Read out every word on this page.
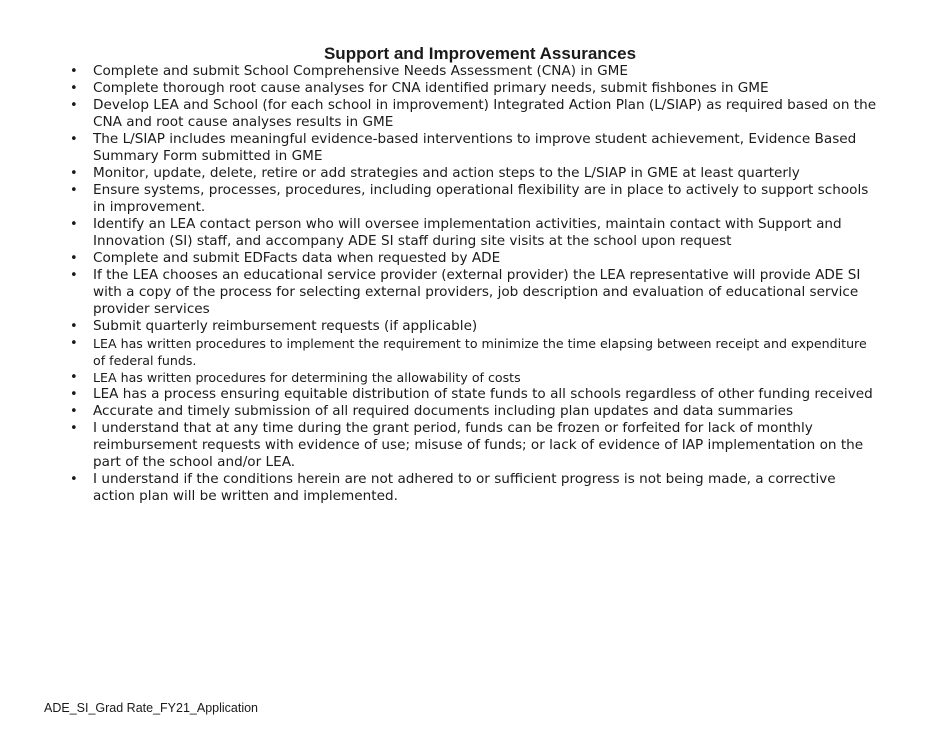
Support and Improvement Assurances
• Complete and submit School Comprehensive Needs Assessment (CNA) in GME
• Complete thorough root cause analyses for CNA identified primary needs, submit fishbones in GME
• Develop LEA and School (for each school in improvement) Integrated Action Plan (L/SIAP) as required based on the CNA and root cause analyses results in GME
• The L/SIAP includes meaningful evidence-based interventions to improve student achievement, Evidence Based Summary Form submitted in GME
• Monitor, update, delete, retire or add strategies and action steps to the L/SIAP in GME at least quarterly
• Ensure systems, processes, procedures, including operational flexibility are in place to actively to support schools in improvement.
• Identify an LEA contact person who will oversee implementation activities, maintain contact with Support and Innovation (SI) staff, and accompany ADE SI staff during site visits at the school upon request
• Complete and submit EDFacts data when requested by ADE
• If the LEA chooses an educational service provider (external provider) the LEA representative will provide ADE SI with a copy of the process for selecting external providers, job description and evaluation of educational service provider services
• Submit quarterly reimbursement requests (if applicable)
• LEA has written procedures to implement the requirement to minimize the time elapsing between receipt and expenditure of federal funds.
• LEA has written procedures for determining the allowability of costs
• LEA has a process ensuring equitable distribution of state funds to all schools regardless of other funding received
• Accurate and timely submission of all required documents including plan updates and data summaries
• I understand that at any time during the grant period, funds can be frozen or forfeited for lack of monthly reimbursement requests with evidence of use; misuse of funds; or lack of evidence of IAP implementation on the part of the school and/or LEA.
• I understand if the conditions herein are not adhered to or sufficient progress is not being made, a corrective action plan will be written and implemented.
ADE_SI_Grad Rate_FY21_Application
